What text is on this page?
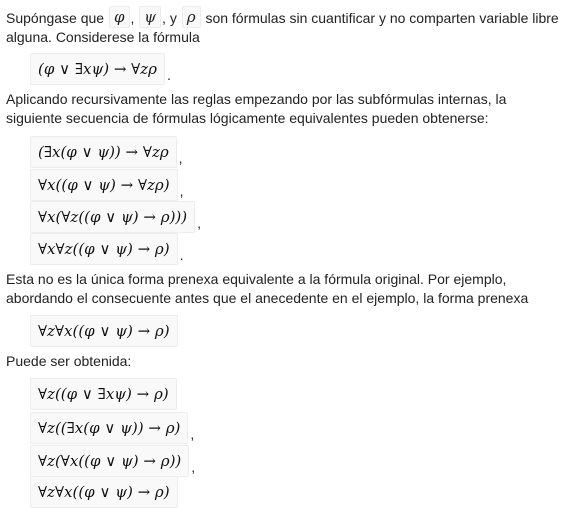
Supóngase que φ , ψ , y ρ son fórmulas sin cuantificar y no comparten variable libre alguna. Considerese la fórmula

(φ ∨ ∃xψ) → ∀zρ .

Aplicando recursivamente las reglas empezando por las subfórmulas internas, la siguiente secuencia de fórmulas lógicamente equivalentes pueden obtenerse:

(∃x(φ ∨ ψ)) → ∀zρ ,
∀x((φ ∨ ψ) → ∀zρ) ,
∀x(∀z((φ ∨ ψ) → ρ))) ,
∀x∀z((φ ∨ ψ) → ρ) .

Esta no es la única forma prenexa equivalente a la fórmula original. Por ejemplo, abordando el consecuente antes que el anecedente en el ejemplo, la forma prenexa

∀z∀x((φ ∨ ψ) → ρ)

Puede ser obtenida:

∀z((φ ∨ ∃xψ) → ρ)
∀z((∃x(φ ∨ ψ)) → ρ) ,
∀z(∀x((φ ∨ ψ) → ρ)) ,
∀z∀x((φ ∨ ψ) → ρ)
